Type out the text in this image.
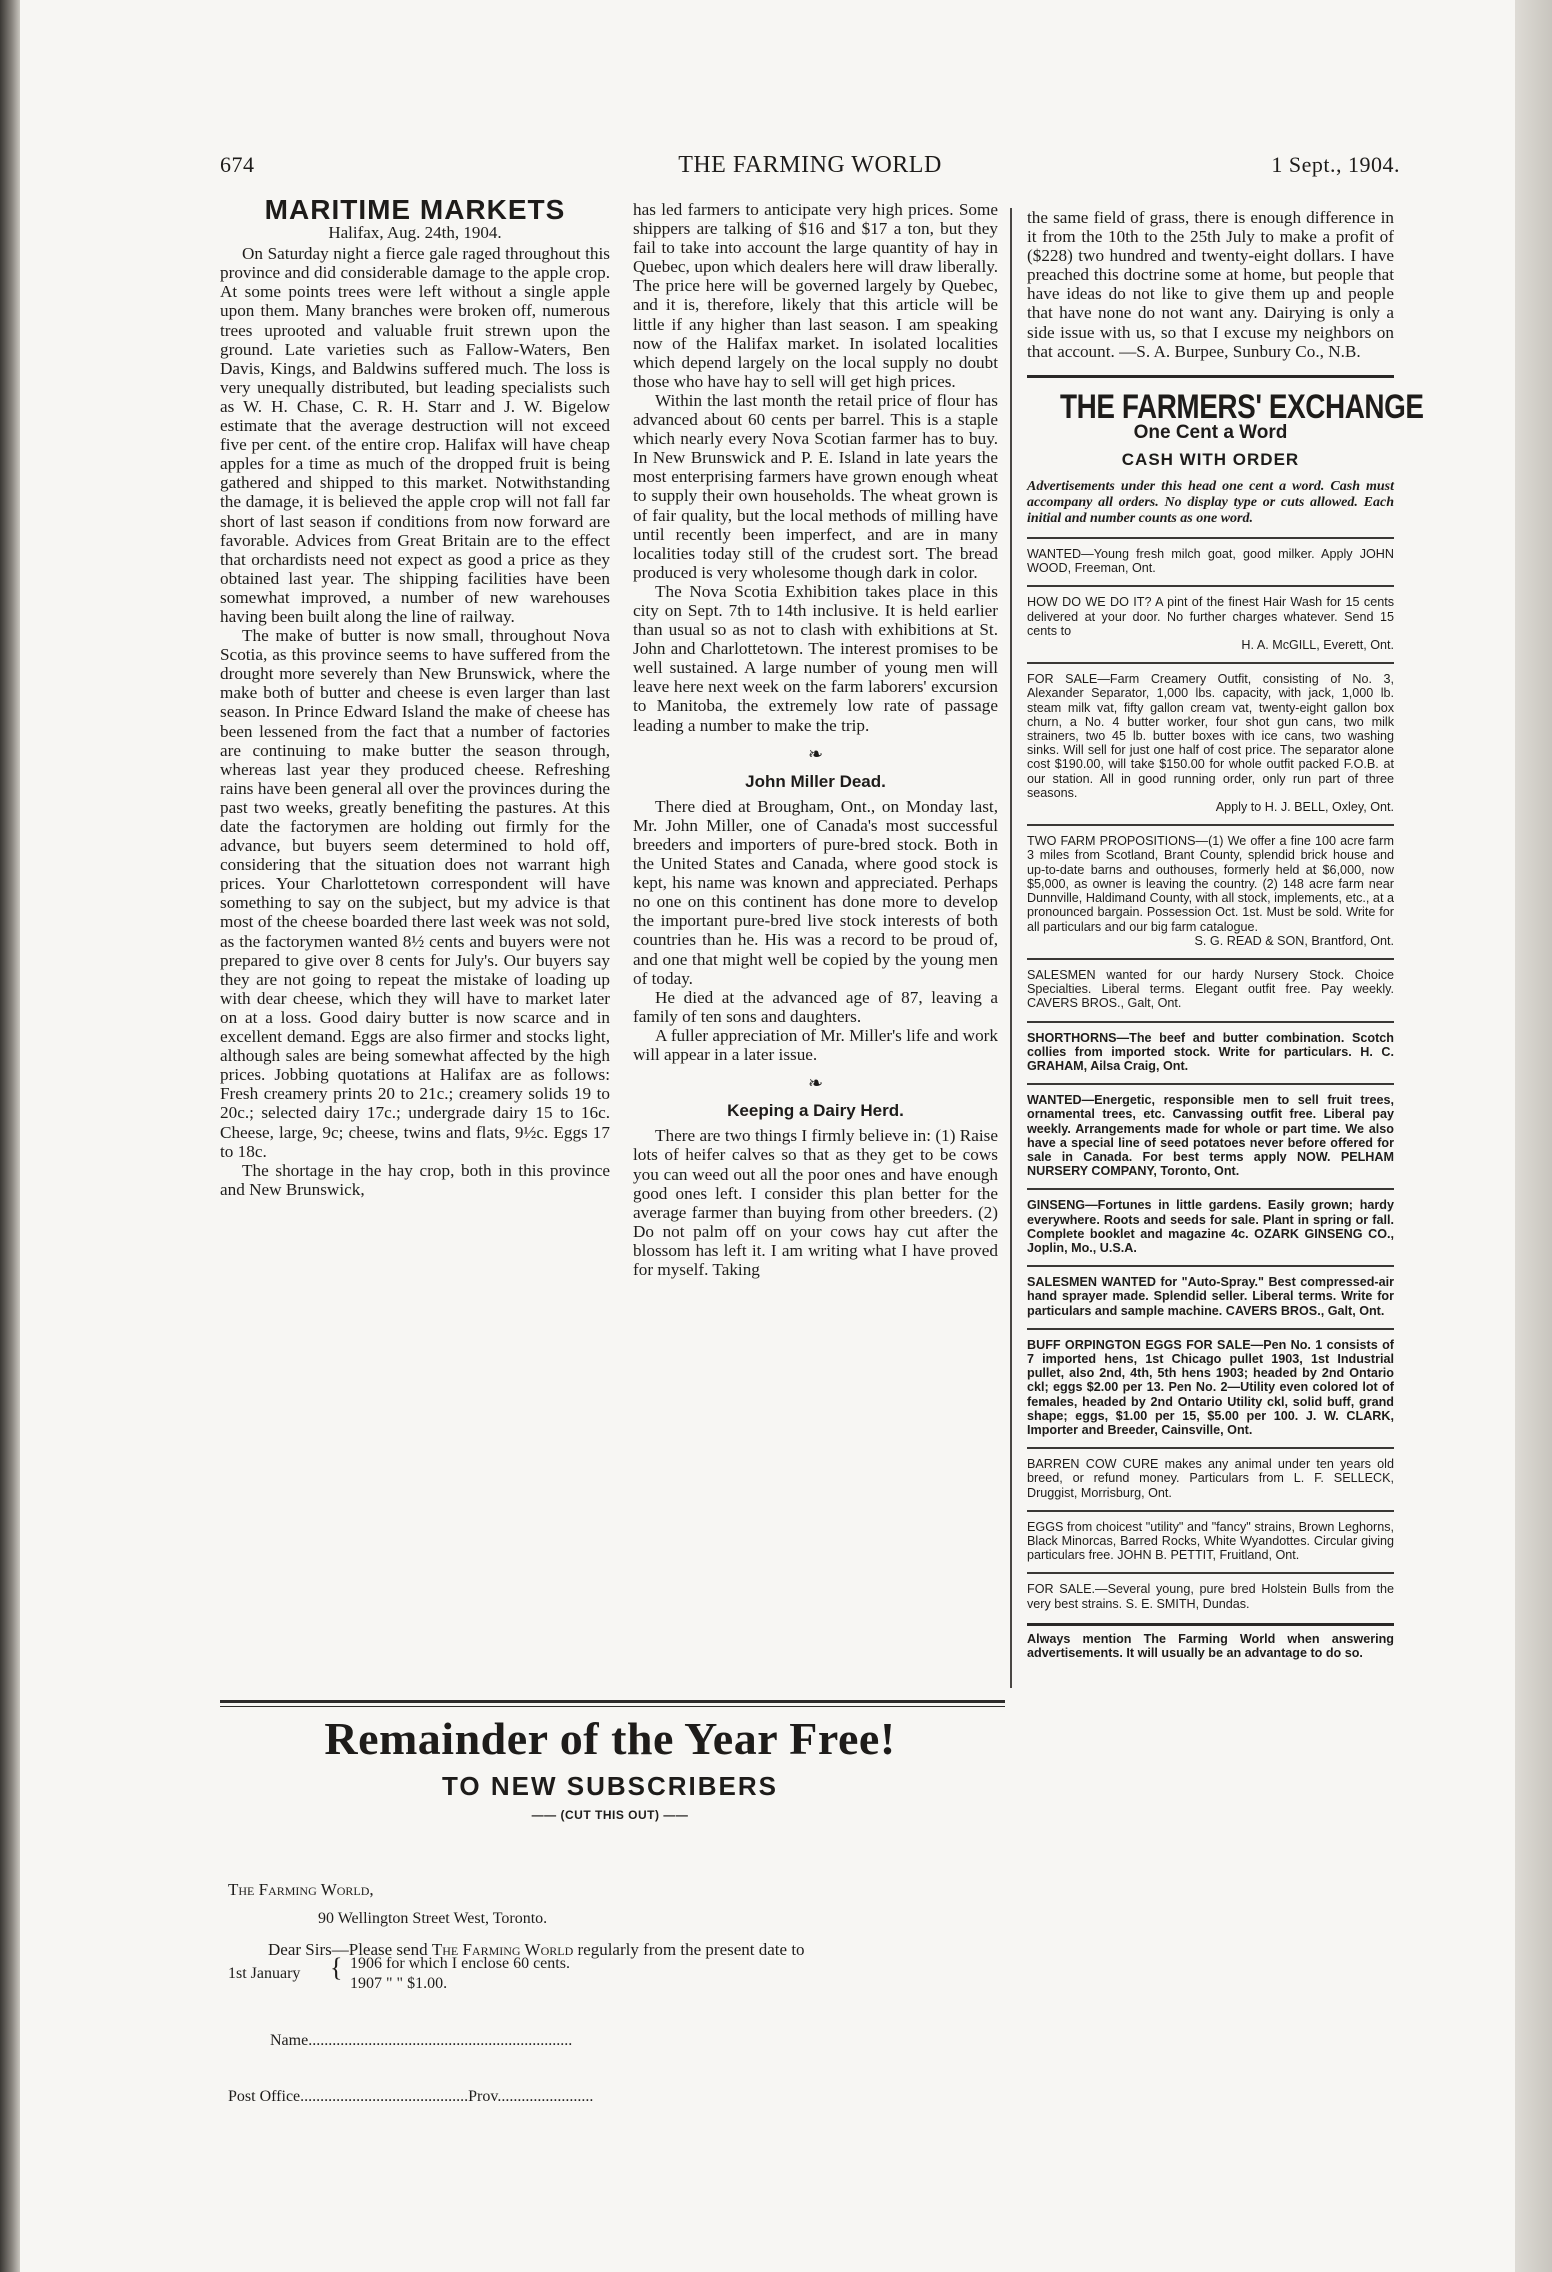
674	THE FARMING WORLD	1 Sept., 1904.
MARITIME MARKETS
Halifax, Aug. 24th, 1904.

On Saturday night a fierce gale raged throughout this province and did considerable damage to the apple crop. At some points trees were left without a single apple upon them. Many branches were broken off, numerous trees uprooted and valuable fruit strewn upon the ground. Late varieties such as Fallow-Waters, Ben Davis, Kings, and Baldwins suffered much. The loss is very unequally distributed, but leading specialists such as W. H. Chase, C. R. H. Starr and J. W. Bigelow estimate that the average destruction will not exceed five per cent. of the entire crop. Halifax will have cheap apples for a time as much of the dropped fruit is being gathered and shipped to this market. Notwithstanding the damage, it is believed the apple crop will not fall far short of last season if conditions from now forward are favorable. Advices from Great Britain are to the effect that orchardists need not expect as good a price as they obtained last year. The shipping facilities have been somewhat improved, a number of new warehouses having been built along the line of railway.

The make of butter is now small, throughout Nova Scotia, as this province seems to have suffered from the drought more severely than New Brunswick, where the make both of butter and cheese is even larger than last season. In Prince Edward Island the make of cheese has been lessened from the fact that a number of factories are continuing to make butter the season through, whereas last year they produced cheese. Refreshing rains have been general all over the provinces during the past two weeks, greatly benefiting the pastures. At this date the factorymen are holding out firmly for the advance, but buyers seem determined to hold off, considering that the situation does not warrant high prices. Your Charlottetown correspondent will have something to say on the subject, but my advice is that most of the cheese boarded there last week was not sold, as the factorymen wanted 8½ cents and buyers were not prepared to give over 8 cents for July's. Our buyers say they are not going to repeat the mistake of loading up with dear cheese, which they will have to market later on at a loss. Good dairy butter is now scarce and in excellent demand. Eggs are also firmer and stocks light, although sales are being somewhat affected by the high prices. Jobbing quotations at Halifax are as follows: Fresh creamery prints 20 to 21c.; creamery solids 19 to 20c.; selected dairy 17c.; undergrade dairy 15 to 16c. Cheese, large, 9c; cheese, twins and flats, 9½c. Eggs 17 to 18c.

The shortage in the hay crop, both in this province and New Brunswick,

has led farmers to anticipate very high prices. Some shippers are talking of $16 and $17 a ton, but they fail to take into account the large quantity of hay in Quebec, upon which dealers here will draw liberally. The price here will be governed largely by Quebec, and it is, therefore, likely that this article will be little if any higher than last season. I am speaking now of the Halifax market. In isolated localities which depend largely on the local supply no doubt those who have hay to sell will get high prices.

Within the last month the retail price of flour has advanced about 60 cents per barrel. This is a staple which nearly every Nova Scotian farmer has to buy. In New Brunswick and P. E. Island in late years the most enterprising farmers have grown enough wheat to supply their own households. The wheat grown is of fair quality, but the local methods of milling have until recently been imperfect, and are in many localities today still of the crudest sort. The bread produced is very wholesome though dark in color.

The Nova Scotia Exhibition takes place in this city on Sept. 7th to 14th inclusive. It is held earlier than usual so as not to clash with exhibitions at St. John and Charlottetown. The interest promises to be well sustained. A large number of young men will leave here next week on the farm laborers' excursion to Manitoba, the extremely low rate of passage leading a number to make the trip.

❧
John Miller Dead.

There died at Brougham, Ont., on Monday last, Mr. John Miller, one of Canada's most successful breeders and importers of pure-bred stock. Both in the United States and Canada, where good stock is kept, his name was known and appreciated. Perhaps no one on this continent has done more to develop the important pure-bred live stock interests of both countries than he. His was a record to be proud of, and one that might well be copied by the young men of today.

He died at the advanced age of 87, leaving a family of ten sons and daughters.

A fuller appreciation of Mr. Miller's life and work will appear in a later issue.

❧
Keeping a Dairy Herd.

There are two things I firmly believe in: (1) Raise lots of heifer calves so that as they get to be cows you can weed out all the poor ones and have enough good ones left. I consider this plan better for the average farmer than buying from other breeders. (2) Do not palm off on your cows hay cut after the blossom has left it. I am writing what I have proved for myself. Taking

the same field of grass, there is enough difference in it from the 10th to the 25th July to make a profit of ($228) two hundred and twenty-eight dollars. I have preached this doctrine some at home, but people that have ideas do not like to give them up and people that have none do not want any. Dairying is only a side issue with us, so that I excuse my neighbors on that account. —S. A. Burpee, Sunbury Co., N.B.

THE FARMERS' EXCHANGE
One Cent a Word
CASH WITH ORDER
Advertisements under this head one cent a word. Cash must accompany all orders. No display type or cuts allowed. Each initial and number counts as one word.
WANTED—Young fresh milch goat, good milker. Apply JOHN WOOD, Freeman, Ont.
HOW DO WE DO IT? A pint of the finest Hair Wash for 15 cents delivered at your door. No further charges whatever. Send 15 cents to
H. A. McGILL, Everett, Ont.
FOR SALE—Farm Creamery Outfit, consisting of No. 3, Alexander Separator, 1,000 lbs. capacity, with jack, 1,000 lb. steam milk vat, fifty gallon cream vat, twenty-eight gallon box churn, a No. 4 butter worker, four shot gun cans, two milk strainers, two 45 lb. butter boxes with ice cans, two washing sinks. Will sell for just one half of cost price. The separator alone cost $190.00, will take $150.00 for whole outfit packed F.O.B. at our station. All in good running order, only run part of three seasons.
Apply to H. J. BELL, Oxley, Ont.
TWO FARM PROPOSITIONS—(1) We offer a fine 100 acre farm 3 miles from Scotland, Brant County, splendid brick house and up-to-date barns and outhouses, formerly held at $6,000, now $5,000, as owner is leaving the country. (2) 148 acre farm near Dunnville, Haldimand County, with all stock, implements, etc., at a pronounced bargain. Possession Oct. 1st. Must be sold. Write for all particulars and our big farm catalogue.
S. G. READ & SON, Brantford, Ont.
SALESMEN wanted for our hardy Nursery Stock. Choice Specialties. Liberal terms. Elegant outfit free. Pay weekly. CAVERS BROS., Galt, Ont.
SHORTHORNS—The beef and butter combination. Scotch collies from imported stock. Write for particulars. H. C. GRAHAM, Ailsa Craig, Ont.
WANTED—Energetic, responsible men to sell fruit trees, ornamental trees, etc. Canvassing outfit free. Liberal pay weekly. Arrangements made for whole or part time. We also have a special line of seed potatoes never before offered for sale in Canada. For best terms apply NOW. PELHAM NURSERY COMPANY, Toronto, Ont.
GINSENG—Fortunes in little gardens. Easily grown; hardy everywhere. Roots and seeds for sale. Plant in spring or fall. Complete booklet and magazine 4c. OZARK GINSENG CO., Joplin, Mo., U.S.A.
SALESMEN WANTED for "Auto-Spray." Best compressed-air hand sprayer made. Splendid seller. Liberal terms. Write for particulars and sample machine. CAVERS BROS., Galt, Ont.
BUFF ORPINGTON EGGS FOR SALE—Pen No. 1 consists of 7 imported hens, 1st Chicago pullet 1903, 1st Industrial pullet, also 2nd, 4th, 5th hens 1903; headed by 2nd Ontario ckl; eggs $2.00 per 13. Pen No. 2—Utility even colored lot of females, headed by 2nd Ontario Utility ckl, solid buff, grand shape; eggs, $1.00 per 15, $5.00 per 100. J. W. CLARK, Importer and Breeder, Cainsville, Ont.
BARREN COW CURE makes any animal under ten years old breed, or refund money. Particulars from L. F. SELLECK, Druggist, Morrisburg, Ont.
EGGS from choicest "utility" and "fancy" strains, Brown Leghorns, Black Minorcas, Barred Rocks, White Wyandottes. Circular giving particulars free. JOHN B. PETTIT, Fruitland, Ont.
FOR SALE.—Several young, pure bred Holstein Bulls from the very best strains. S. E. SMITH, Dundas.
Always mention The Farming World when answering advertisements. It will usually be an advantage to do so.
Remainder of the Year Free!
TO NEW SUBSCRIBERS
—— (CUT THIS OUT) ——
The Farming World,
90 Wellington Street West, Toronto.
Dear Sirs—Please send The Farming World regularly from the present date to
1st January { 1906 for which I enclose 60 cents.
1907 " " $1.00.
Name..................................................................
Post Office..........................................Prov........................
